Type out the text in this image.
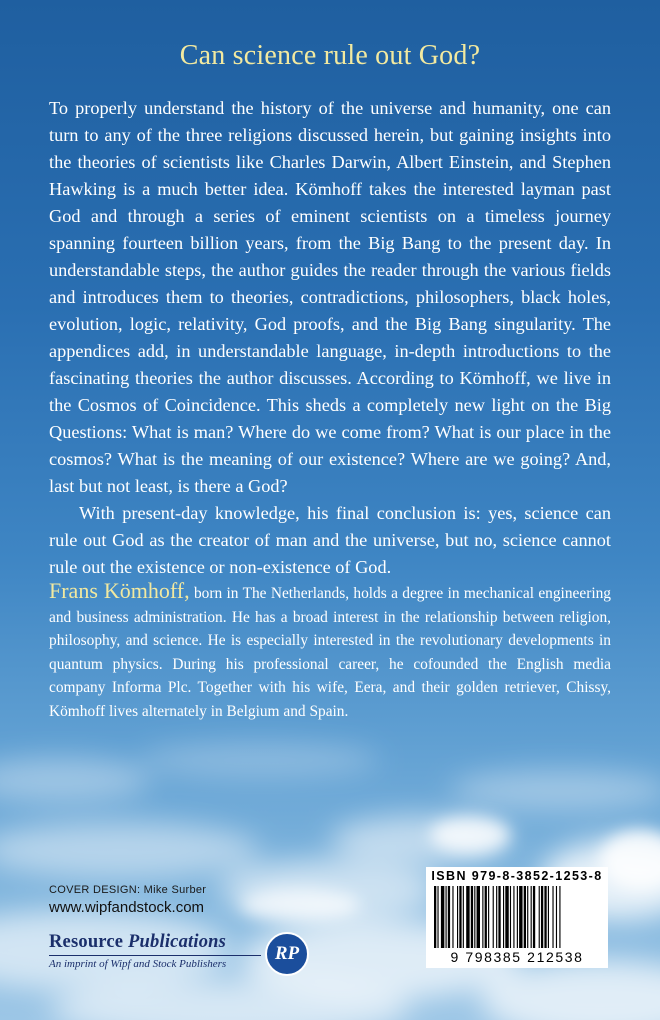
Can science rule out God?

To properly understand the history of the universe and humanity, one can turn to any of the three religions discussed herein, but gaining insights into the theories of scientists like Charles Darwin, Albert Einstein, and Stephen Hawking is a much better idea. Kömhoff takes the interested layman past God and through a series of eminent scientists on a timeless journey spanning fourteen billion years, from the Big Bang to the present day. In understandable steps, the author guides the reader through the various fields and introduces them to theories, contradictions, philosophers, black holes, evolution, logic, relativity, God proofs, and the Big Bang singularity. The appendices add, in understandable language, in-depth introductions to the fascinating theories the author discusses. According to Kömhoff, we live in the Cosmos of Coincidence. This sheds a completely new light on the Big Questions: What is man? Where do we come from? What is our place in the cosmos? What is the meaning of our existence? Where are we going? And, last but not least, is there a God?

With present-day knowledge, his final conclusion is: yes, science can rule out God as the creator of man and the universe, but no, science cannot rule out the existence or non-existence of God.

Frans Kömhoff, born in The Netherlands, holds a degree in mechanical engineering and business administration. He has a broad interest in the relationship between religion, philosophy, and science. He is especially interested in the revolutionary developments in quantum physics. During his professional career, he cofounded the English media company Informa Plc. Together with his wife, Eera, and their golden retriever, Chissy, Kömhoff lives alternately in Belgium and Spain.
COVER DESIGN: Mike Surber
www.wipfandstock.com
Resource Publications
An imprint of Wipf and Stock Publishers	RP
ISBN 979-8-3852-1253-8
9 798385 212538
